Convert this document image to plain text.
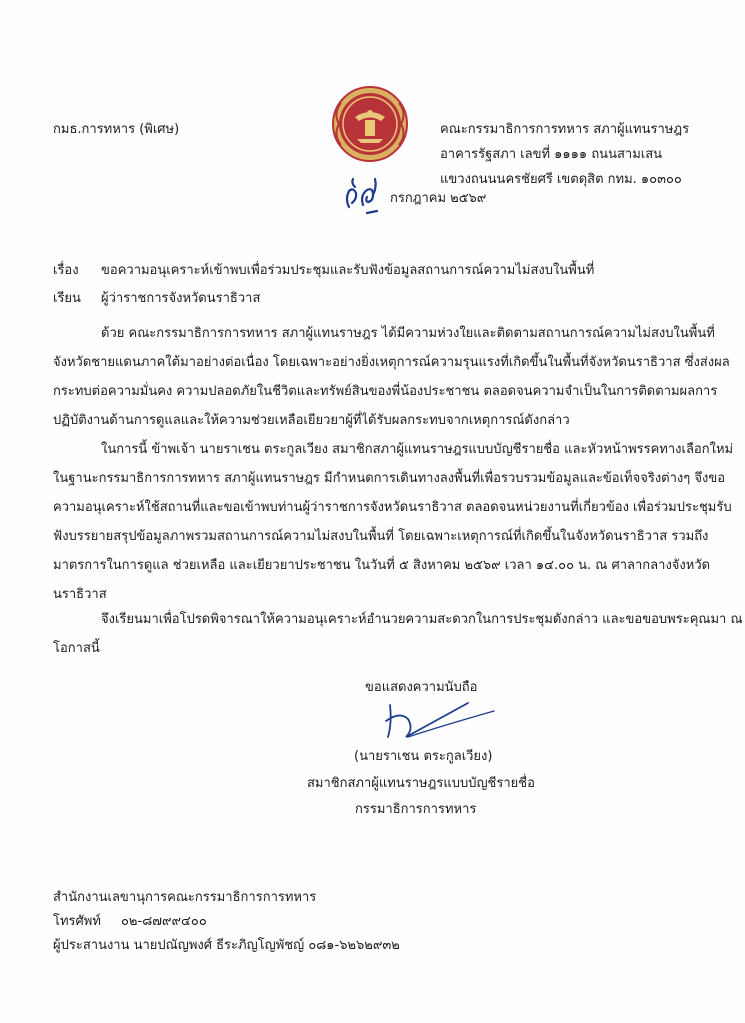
กมธ.การทหาร (พิเศษ)	คณะกรรมาธิการการทหาร สภาผู้แทนราษฎร
อาคารรัฐสภา เลขที่ ๑๑๑๑ ถนนสามเสน
แขวงถนนนครชัยศรี เขตดุสิต กทม. ๑๐๓๐๐
กรกฎาคม ๒๕๖๙
เรื่อง ขอความอนุเคราะห์เข้าพบเพื่อร่วมประชุมและรับฟังข้อมูลสถานการณ์ความไม่สงบในพื้นที่
เรียน ผู้ว่าราชการจังหวัดนราธิวาส
ด้วย คณะกรรมาธิการการทหาร สภาผู้แทนราษฎร ได้มีความห่วงใยและติดตามสถานการณ์ความไม่สงบในพื้นที่
จังหวัดชายแดนภาคใต้มาอย่างต่อเนื่อง โดยเฉพาะอย่างยิ่งเหตุการณ์ความรุนแรงที่เกิดขึ้นในพื้นที่จังหวัดนราธิวาส ซึ่งส่งผล
กระทบต่อความมั่นคง ความปลอดภัยในชีวิตและทรัพย์สินของพี่น้องประชาชน ตลอดจนความจำเป็นในการติดตามผลการ
ปฏิบัติงานด้านการดูแลและให้ความช่วยเหลือเยียวยาผู้ที่ได้รับผลกระทบจากเหตุการณ์ดังกล่าว
ในการนี้ ข้าพเจ้า นายราเชน ตระกูลเวียง สมาชิกสภาผู้แทนราษฎรแบบบัญชีรายชื่อ และหัวหน้าพรรคทางเลือกใหม่
ในฐานะกรรมาธิการการทหาร สภาผู้แทนราษฎร มีกำหนดการเดินทางลงพื้นที่เพื่อรวบรวมข้อมูลและข้อเท็จจริงต่างๆ จึงขอ
ความอนุเคราะห์ใช้สถานที่และขอเข้าพบท่านผู้ว่าราชการจังหวัดนราธิวาส ตลอดจนหน่วยงานที่เกี่ยวข้อง เพื่อร่วมประชุมรับ
ฟังบรรยายสรุปข้อมูลภาพรวมสถานการณ์ความไม่สงบในพื้นที่ โดยเฉพาะเหตุการณ์ที่เกิดขึ้นในจังหวัดนราธิวาส รวมถึง
มาตรการในการดูแล ช่วยเหลือ และเยียวยาประชาชน ในวันที่ ๕ สิงหาคม ๒๕๖๙ เวลา ๑๔.๐๐ น. ณ ศาลากลางจังหวัด
นราธิวาส
จึงเรียนมาเพื่อโปรดพิจารณาให้ความอนุเคราะห์อำนวยความสะดวกในการประชุมดังกล่าว และขอขอบพระคุณมา ณ
โอกาสนี้
ขอแสดงความนับถือ
(นายราเชน ตระกูลเวียง)
สมาชิกสภาผู้แทนราษฎรแบบบัญชีรายชื่อ
กรรมาธิการการทหาร
สำนักงานเลขานุการคณะกรรมาธิการการทหาร
โทรศัพท์ ๐๒-๘๗๙๙๔๐๐
ผู้ประสานงาน นายปณัญพงศ์ ธีระภิญโญพัชญ์ ๐๘๑-๖๒๖๒๙๓๒
